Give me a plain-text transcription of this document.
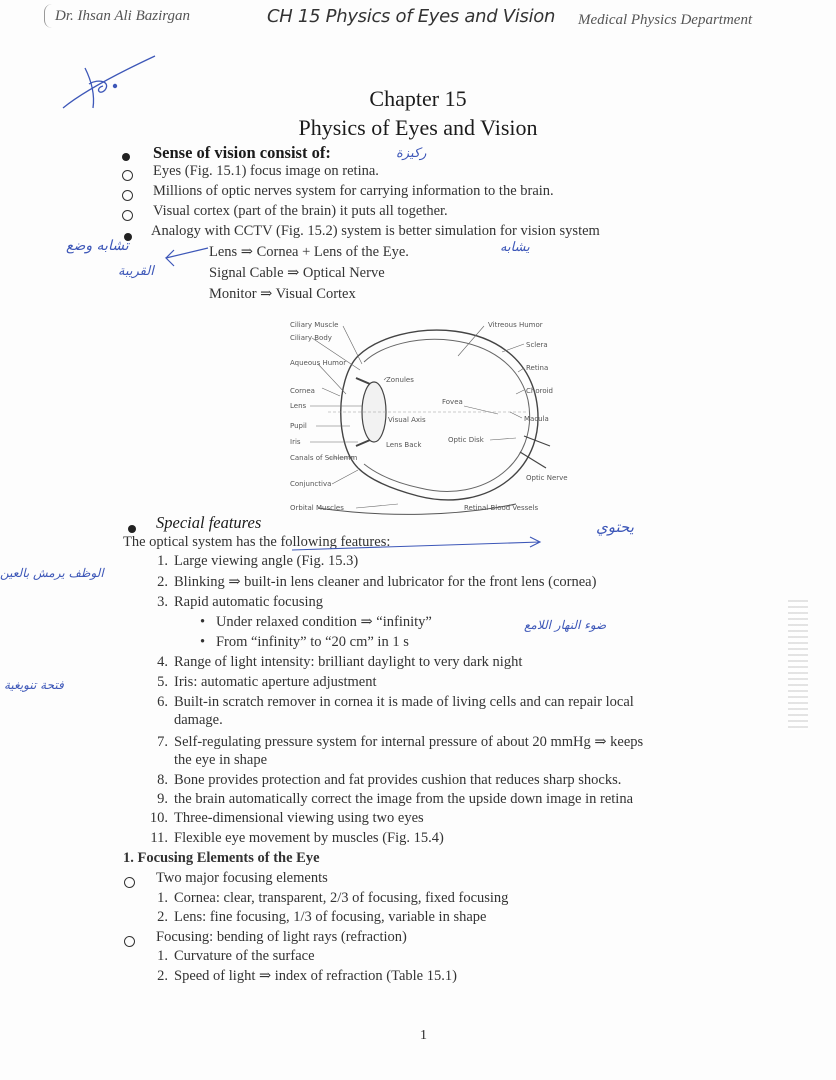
Dr. Ihsan Ali Bazirgan	CH 15 Physics of Eyes and Vision Medical Physics Department
Chapter 15
Physics of Eyes and Vision
Sense of vision consist of:	ركيزة
Eyes (Fig. 15.1) focus image on retina.
Millions of optic nerves system for carrying information to the brain.
Visual cortex (part of the brain) it puts all together.
Analogy with CCTV (Fig. 15.2) system is better simulation for vision system
Lens ⇒ Cornea + Lens of the Eye.
Signal Cable ⇒ Optical Nerve
Monitor ⇒ Visual Cortex
تشابه وضع
القريبة
يشابه
Ciliary Muscle
Ciliary Body
Aqueous Humor
Cornea
Lens
Pupil
Iris
Canals of Schlemm
Conjunctiva
Orbital Muscles
Vitreous Humor
Sclera
Retina
Choroid
Macula
Optic Nerve
Retinal Blood Vessels
Zonules
Fovea
Visual Axis
Lens Back
Optic Disk
Special features	يحتوي
The optical system has the following features:
1. Large viewing angle (Fig. 15.3)
2. Blinking ⇒ built-in lens cleaner and lubricator for the front lens (cornea)
3. Rapid automatic focusing
•   Under relaxed condition ⇒ “infinity”
•   From “infinity” to “20 cm” in 1 s
ضوء النهار اللامع
4. Range of light intensity: brilliant daylight to very dark night
5. Iris: automatic aperture adjustment
6. Built-in scratch remover in cornea it is made of living cells and can repair local
damage.
7. Self-regulating pressure system for internal pressure of about 20 mmHg ⇒ keeps
the eye in shape
8. Bone provides protection and fat provides cushion that reduces sharp shocks.
9. the brain automatically correct the image from the upside down image in retina
10. Three-dimensional viewing using two eyes
11. Flexible eye movement by muscles (Fig. 15.4)
الوظف يرمش بالعين
فتحة تنويغية
1. Focusing Elements of the Eye
Two major focusing elements
1. Cornea: clear, transparent, 2/3 of focusing, fixed focusing
2. Lens: fine focusing, 1/3 of focusing, variable in shape
Focusing: bending of light rays (refraction)
1. Curvature of the surface
2. Speed of light ⇒ index of refraction (Table 15.1)
1
